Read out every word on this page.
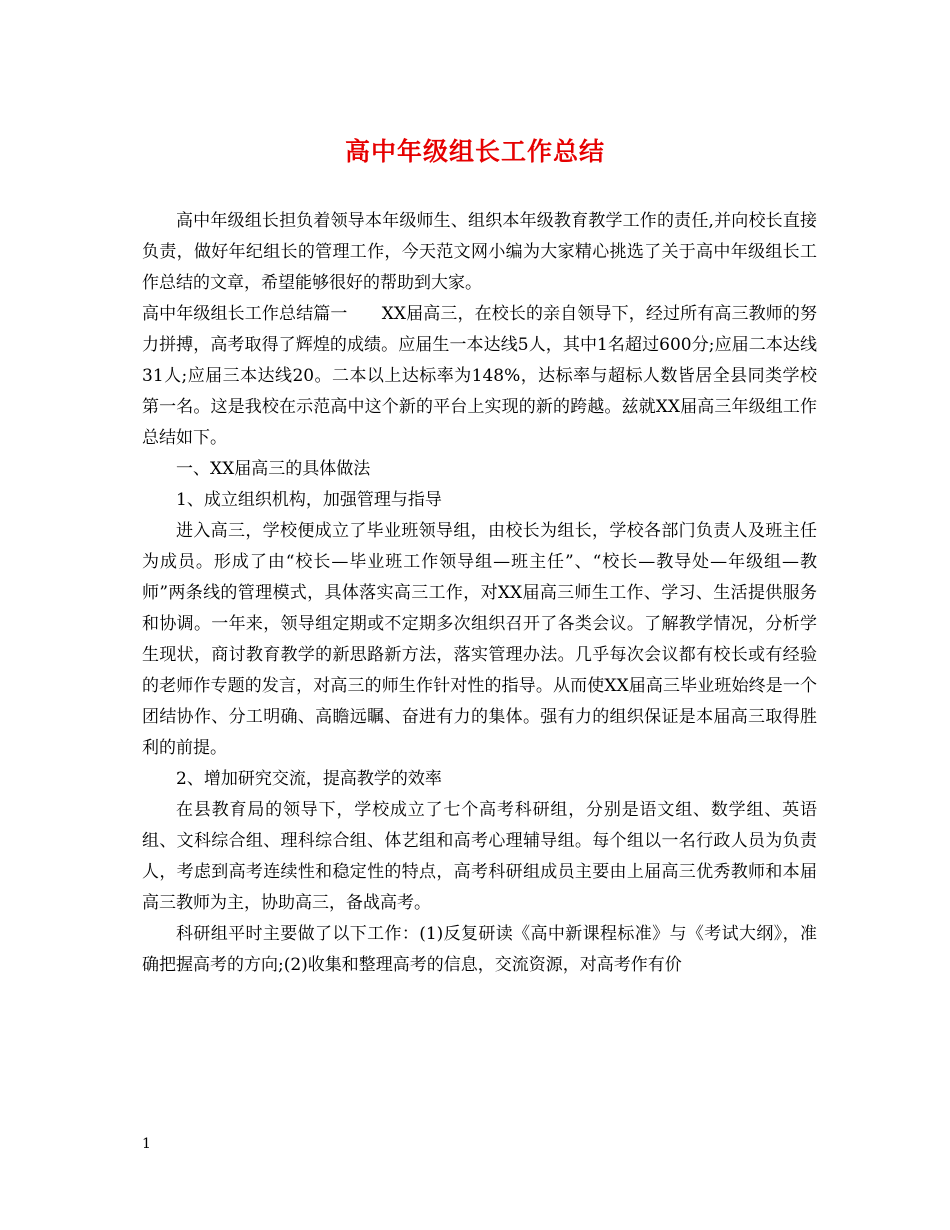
高中年级组长工作总结

高中年级组长担负着领导本年级师生、组织本年级教育教学工作的责任,并向校长直接负责，做好年纪组长的管理工作，今天范文网小编为大家精心挑选了关于高中年级组长工作总结的文章，希望能够很好的帮助到大家。

高中年级组长工作总结篇一　　XX届高三，在校长的亲自领导下，经过所有高三教师的努力拼搏，高考取得了辉煌的成绩。应届生一本达线5人，其中1名超过600分;应届二本达线31人;应届三本达线20。二本以上达标率为148%，达标率与超标人数皆居全县同类学校第一名。这是我校在示范高中这个新的平台上实现的新的跨越。兹就XX届高三年级组工作总结如下。

一、XX届高三的具体做法

1、成立组织机构，加强管理与指导

进入高三，学校便成立了毕业班领导组，由校长为组长，学校各部门负责人及班主任为成员。形成了由“校长—毕业班工作领导组—班主任”、“校长—教导处—年级组—教师”两条线的管理模式，具体落实高三工作，对XX届高三师生工作、学习、生活提供服务和协调。一年来，领导组定期或不定期多次组织召开了各类会议。了解教学情况，分析学生现状，商讨教育教学的新思路新方法，落实管理办法。几乎每次会议都有校长或有经验的老师作专题的发言，对高三的师生作针对性的指导。从而使XX届高三毕业班始终是一个团结协作、分工明确、高瞻远瞩、奋进有力的集体。强有力的组织保证是本届高三取得胜利的前提。

2、增加研究交流，提高教学的效率

在县教育局的领导下，学校成立了七个高考科研组，分别是语文组、数学组、英语组、文科综合组、理科综合组、体艺组和高考心理辅导组。每个组以一名行政人员为负责人，考虑到高考连续性和稳定性的特点，高考科研组成员主要由上届高三优秀教师和本届高三教师为主，协助高三，备战高考。

科研组平时主要做了以下工作：(1)反复研读《高中新课程标准》与《考试大纲》，准确把握高考的方向;(2)收集和整理高考的信息，交流资源，对高考作有价

1
